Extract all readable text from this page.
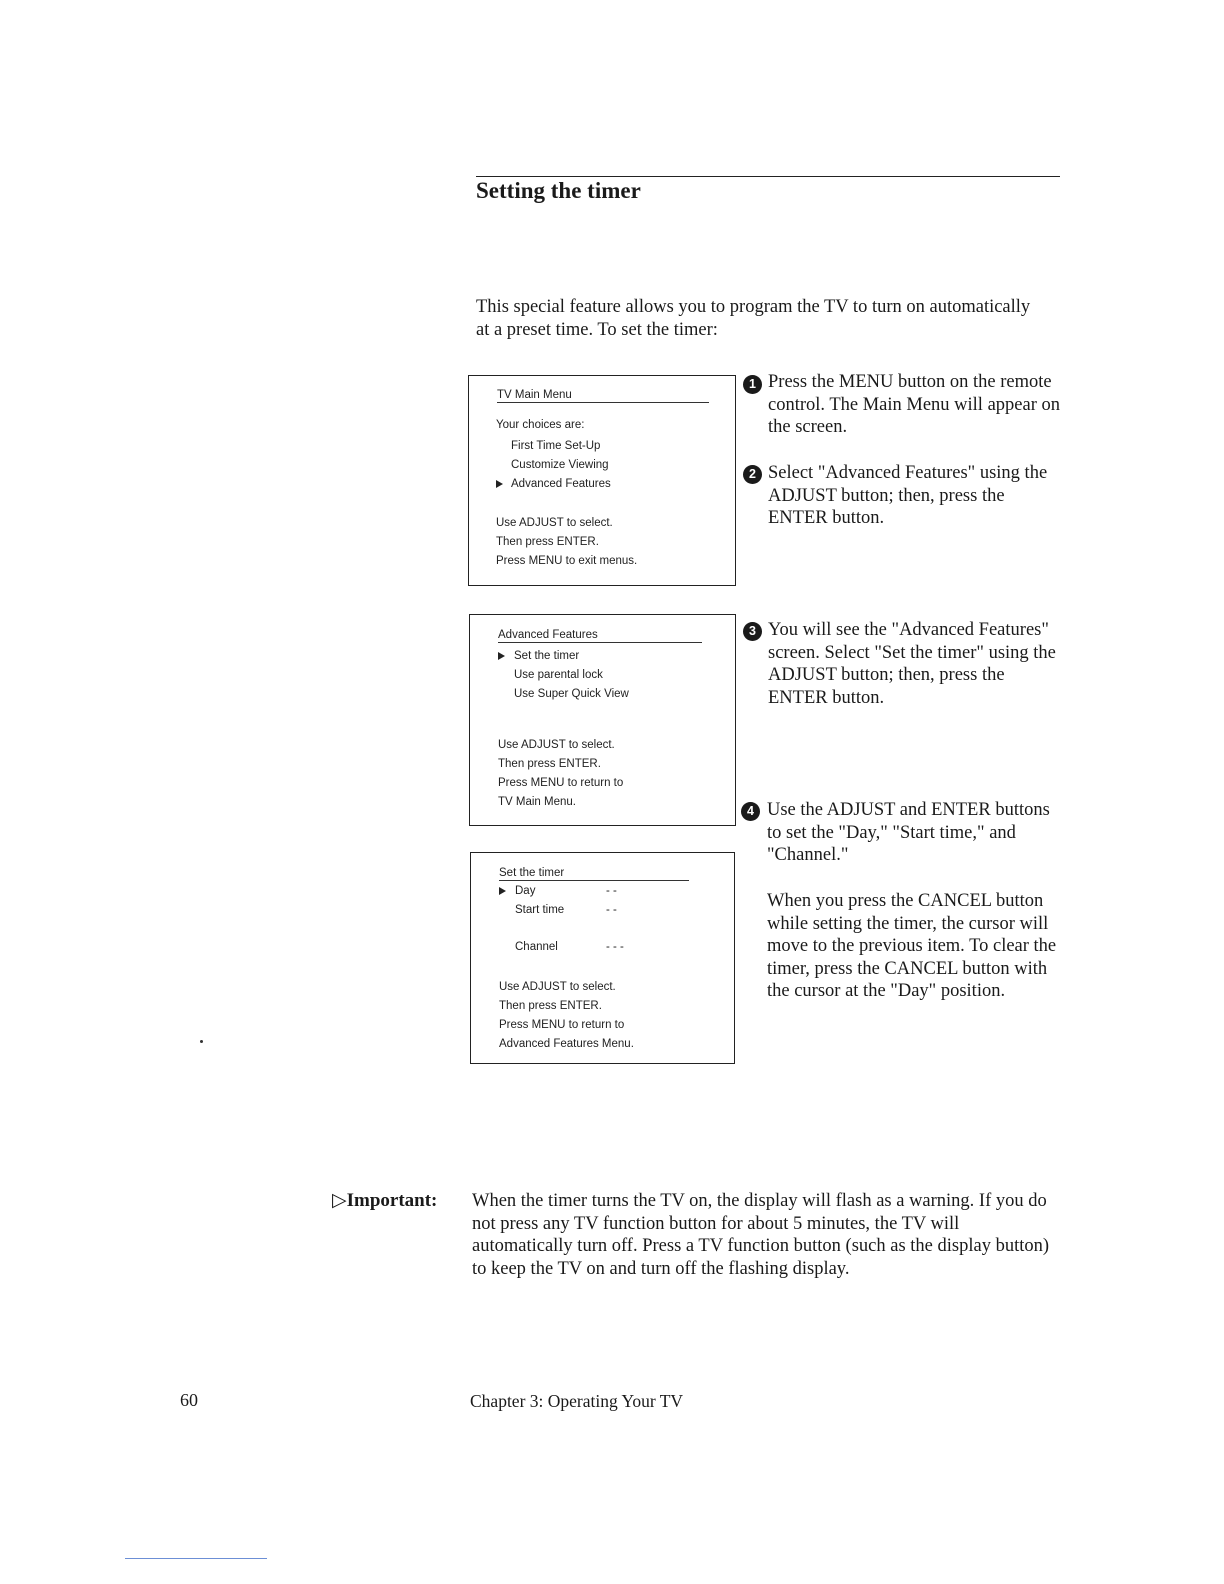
Setting the timer
This special feature allows you to program the TV to turn on automatically at a preset time. To set the timer:
TV Main Menu
Your choices are:
First Time Set-Up
Customize Viewing
Advanced Features
Use ADJUST to select.
Then press ENTER.
Press MENU to exit menus.
Advanced Features
Set the timer
Use parental lock
Use Super Quick View
Use ADJUST to select.
Then press ENTER.
Press MENU to return to
TV Main Menu.
Set the timer
Day	- -
Start time	- -
Channel	- - -
Use ADJUST to select.
Then press ENTER.
Press MENU to return to
Advanced Features Menu.
1 Press the MENU button on the remote control. The Main Menu will appear on the screen.
2 Select "Advanced Features" using the ADJUST button; then, press the ENTER button.
3 You will see the "Advanced Features" screen. Select "Set the timer" using the ADJUST button; then, press the ENTER button.
4 Use the ADJUST and ENTER buttons to set the "Day," "Start time," and "Channel."
When you press the CANCEL button while setting the timer, the cursor will move to the previous item. To clear the timer, press the CANCEL button with the cursor at the "Day" position.
▷Important: When the timer turns the TV on, the display will flash as a warning. If you do not press any TV function button for about 5 minutes, the TV will automatically turn off. Press a TV function button (such as the display button) to keep the TV on and turn off the flashing display.
60	Chapter 3: Operating Your TV
